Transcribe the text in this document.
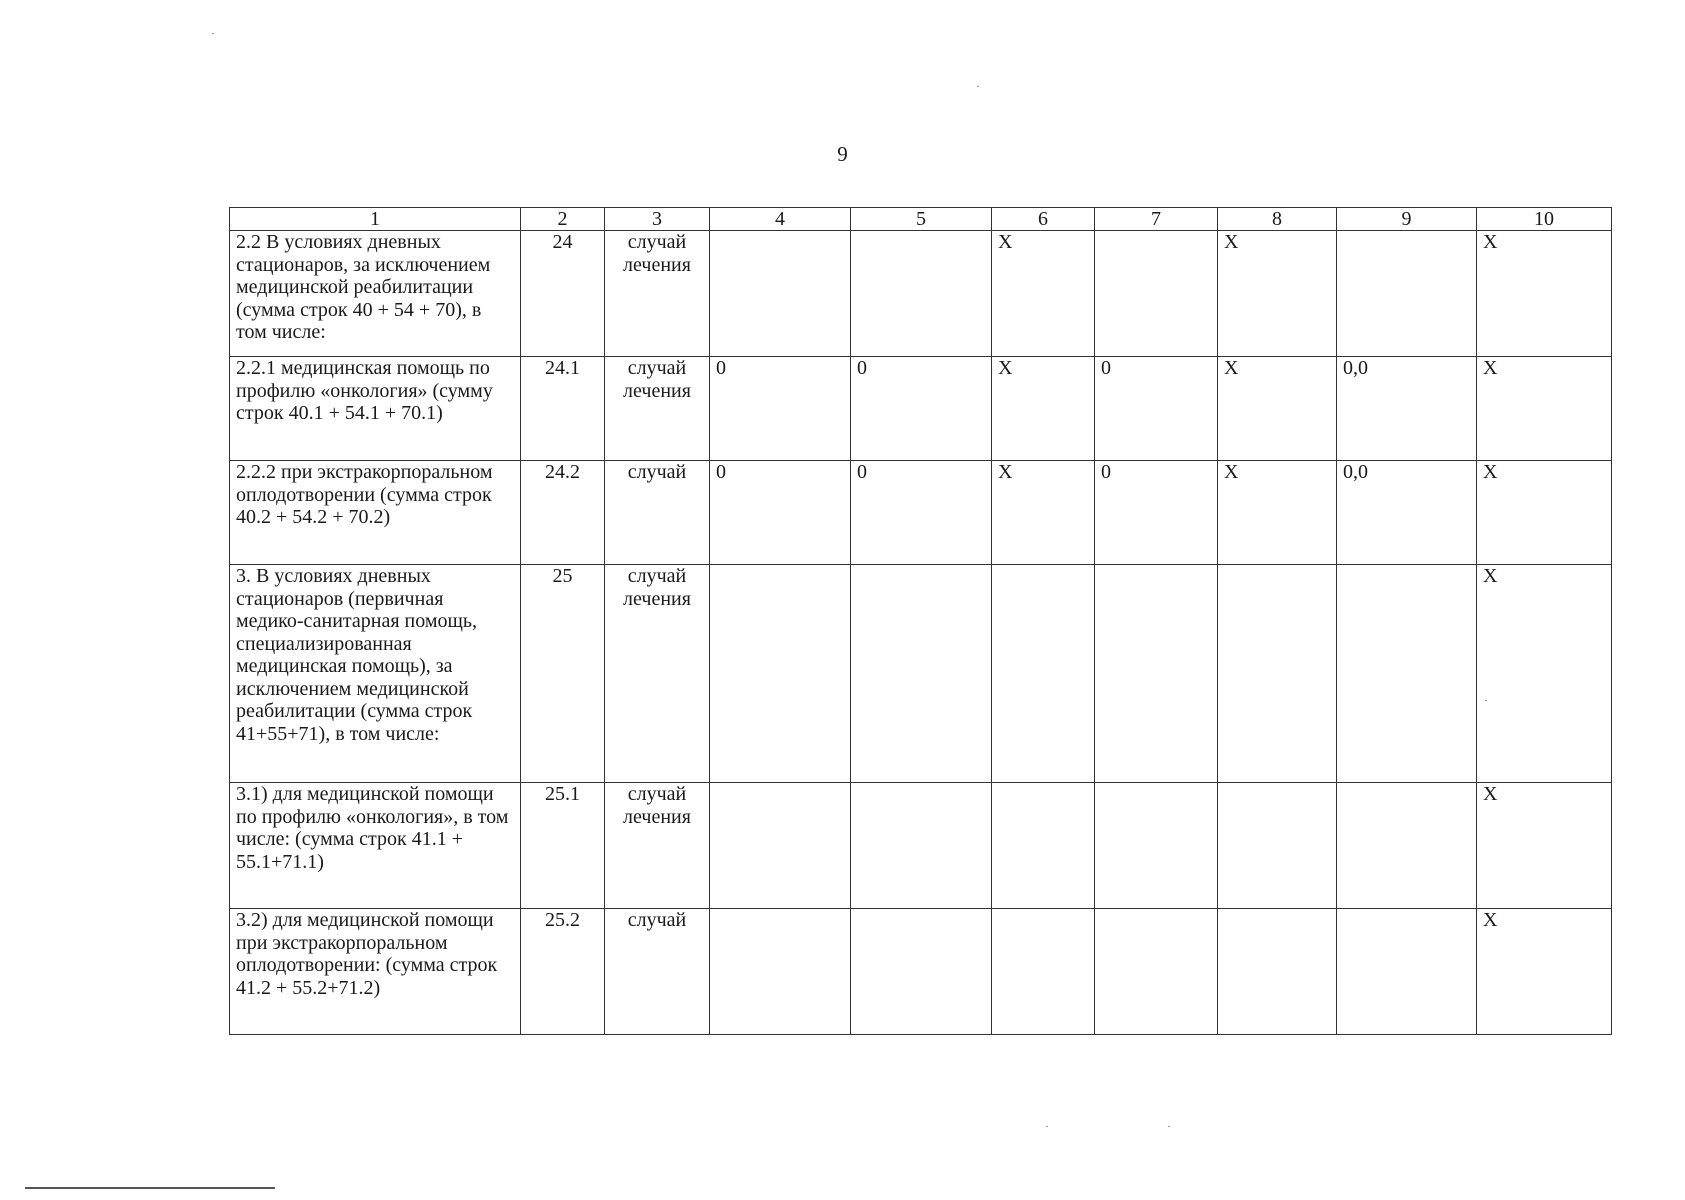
9
1	2	3	4	5	6	7	8	9	10
2.2 В условиях дневных стационаров, за исключением медицинской реабилитации (сумма строк 40 + 54 + 70), в том числе:	24	случай лечения			Х		Х		Х
2.2.1 медицинская помощь по профилю «онкология» (сумму строк 40.1 + 54.1 + 70.1)	24.1	случай лечения	0	0	Х	0	Х	0,0	Х
2.2.2 при экстракорпоральном оплодотворении (сумма строк 40.2 + 54.2 + 70.2)	24.2	случай	0	0	Х	0	Х	0,0	Х
3. В условиях дневных стационаров (первичная медико-санитарная помощь, специализированная медицинская помощь), за исключением медицинской реабилитации (сумма строк 41+55+71), в том числе:	25	случай лечения							Х
3.1) для медицинской помощи по профилю «онкология», в том числе: (сумма строк 41.1 + 55.1+71.1)	25.1	случай лечения							Х
3.2) для медицинской помощи при экстракорпоральном оплодотворении: (сумма строк 41.2 + 55.2+71.2)	25.2	случай							Х
